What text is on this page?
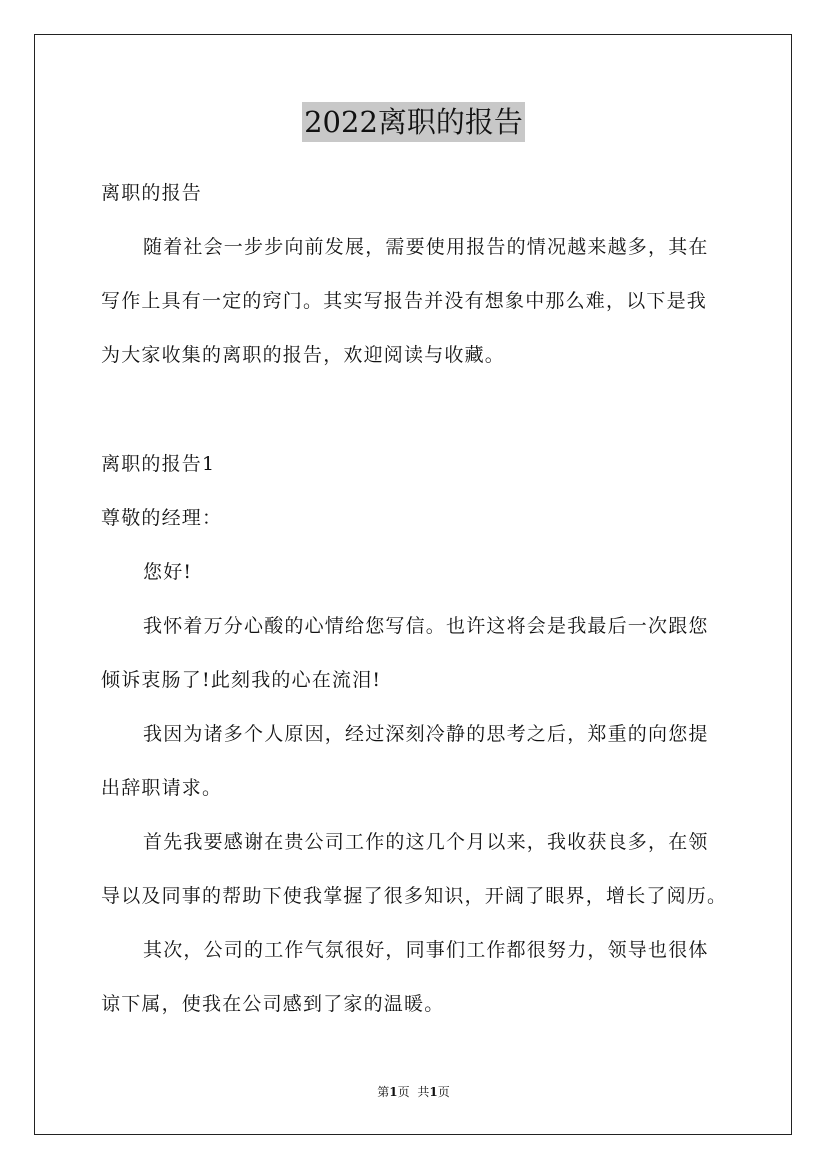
2022离职的报告
离职的报告
随着社会一步步向前发展，需要使用报告的情况越来越多，其在
写作上具有一定的窍门。其实写报告并没有想象中那么难，以下是我
为大家收集的离职的报告，欢迎阅读与收藏。
离职的报告1
尊敬的经理：
您好!
我怀着万分心酸的心情给您写信。也许这将会是我最后一次跟您
倾诉衷肠了!此刻我的心在流泪!
我因为诸多个人原因，经过深刻冷静的思考之后，郑重的向您提
出辞职请求。
首先我要感谢在贵公司工作的这几个月以来，我收获良多，在领
导以及同事的帮助下使我掌握了很多知识，开阔了眼界，增长了阅历。
其次，公司的工作气氛很好，同事们工作都很努力，领导也很体
谅下属，使我在公司感到了家的温暖。
第1页 共1页
